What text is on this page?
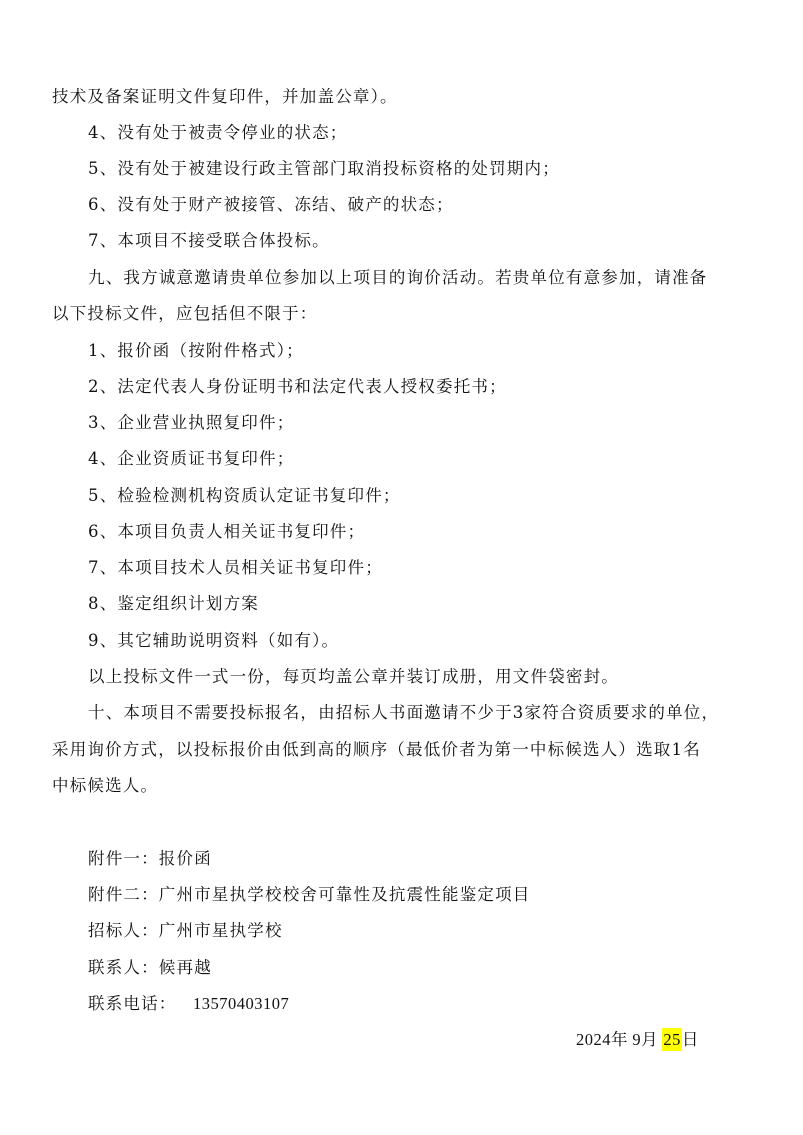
技术及备案证明文件复印件，并加盖公章）。
4、没有处于被责令停业的状态；
5、没有处于被建设行政主管部门取消投标资格的处罚期内；
6、没有处于财产被接管、冻结、破产的状态；
7、本项目不接受联合体投标。
九、我方诚意邀请贵单位参加以上项目的询价活动。若贵单位有意参加，请准备
以下投标文件，应包括但不限于：
1、报价函（按附件格式）；
2、法定代表人身份证明书和法定代表人授权委托书；
3、企业营业执照复印件；
4、企业资质证书复印件；
5、检验检测机构资质认定证书复印件；
6、本项目负责人相关证书复印件；
7、本项目技术人员相关证书复印件；
8、鉴定组织计划方案
9、其它辅助说明资料（如有）。
以上投标文件一式一份，每页均盖公章并装订成册，用文件袋密封。
十、本项目不需要投标报名，由招标人书面邀请不少于3家符合资质要求的单位，
采用询价方式，以投标报价由低到高的顺序（最低价者为第一中标候选人）选取1名
中标候选人。
附件一：报价函
附件二：广州市星执学校校舍可靠性及抗震性能鉴定项目
招标人：广州市星执学校
联系人：候再越
联系电话： 13570403107
2024年 9月 25日
